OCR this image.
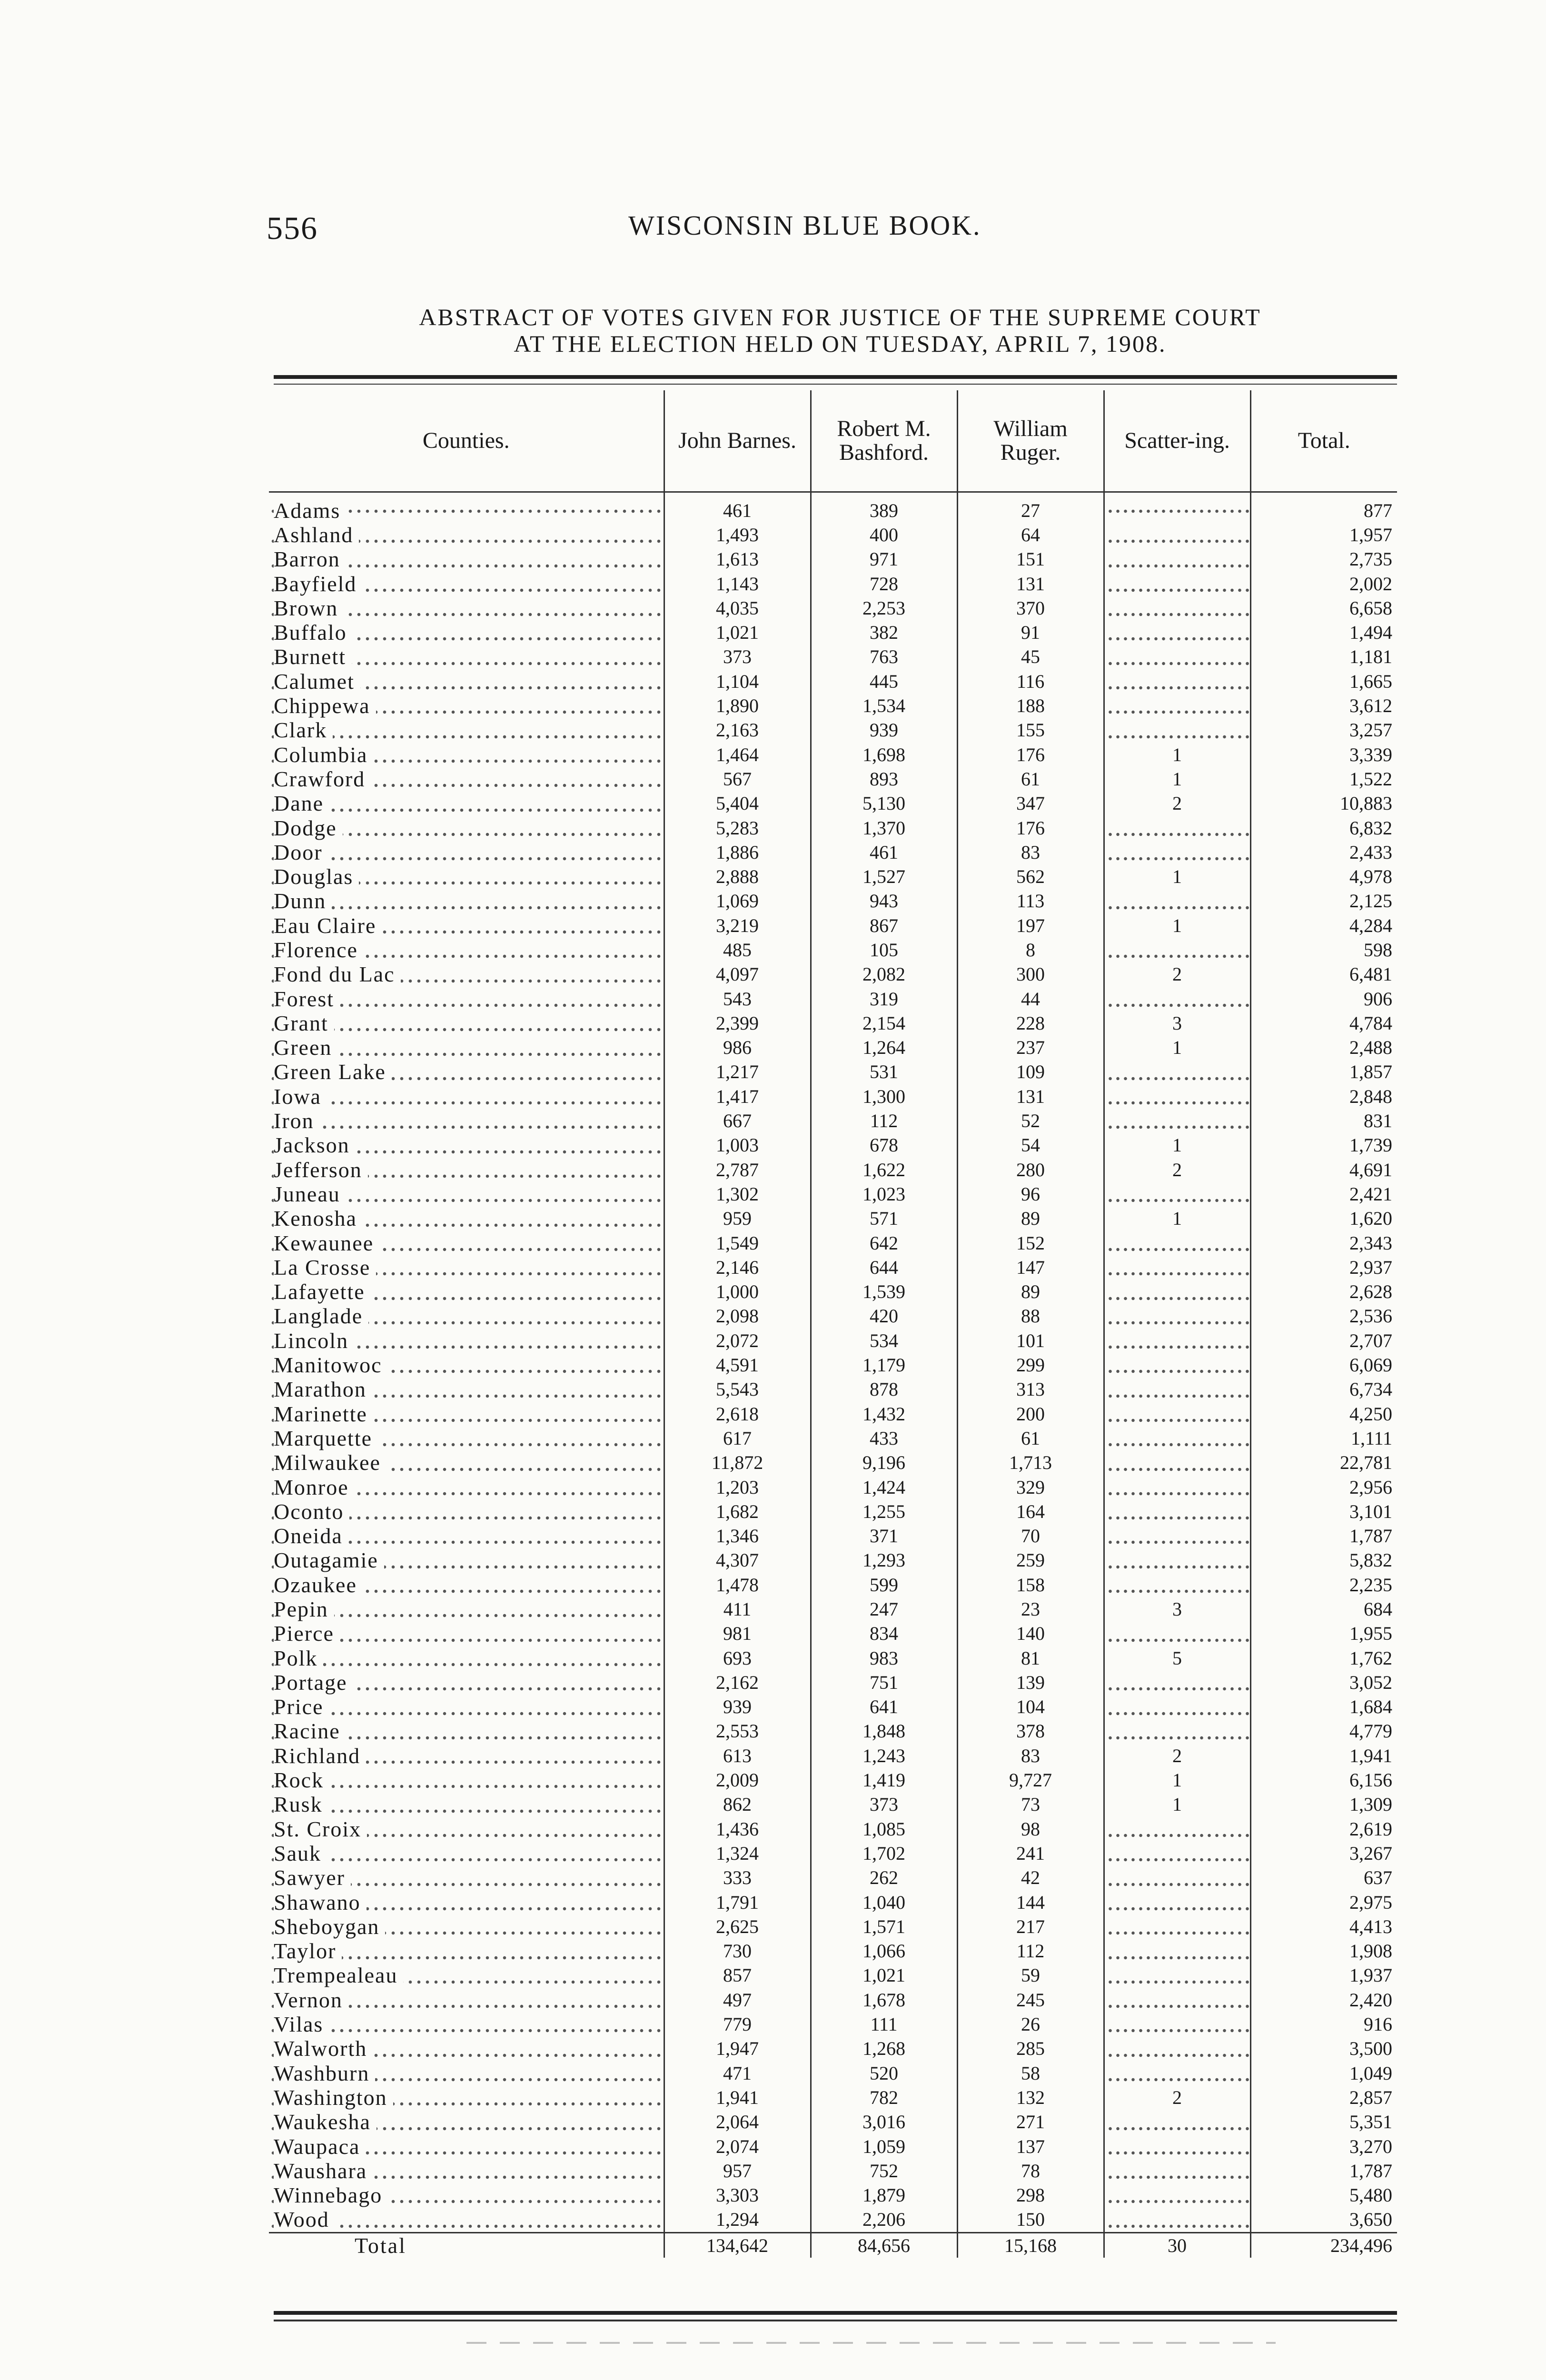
556	WISCONSIN BLUE BOOK.
ABSTRACT OF VOTES GIVEN FOR JUSTICE OF THE SUPREME COURT
AT THE ELECTION HELD ON TUESDAY, APRIL 7, 1908.
Counties.	John Barnes.	Robert M. Bashford.	William Ruger.	Scatter-ing.	Total.
Adams	461	389	27		877
Ashland	1,493	400	64		1,957
Barron	1,613	971	151		2,735
Bayfield	1,143	728	131		2,002
Brown	4,035	2,253	370		6,658
Buffalo	1,021	382	91		1,494
Burnett	373	763	45		1,181
Calumet	1,104	445	116		1,665
Chippewa	1,890	1,534	188		3,612
Clark	2,163	939	155		3,257
Columbia	1,464	1,698	176	1	3,339
Crawford	567	893	61	1	1,522
Dane	5,404	5,130	347	2	10,883
Dodge	5,283	1,370	176		6,832
Door	1,886	461	83		2,433
Douglas	2,888	1,527	562	1	4,978
Dunn	1,069	943	113		2,125
Eau Claire	3,219	867	197	1	4,284
Florence	485	105	8		598
Fond du Lac	4,097	2,082	300	2	6,481
Forest	543	319	44		906
Grant	2,399	2,154	228	3	4,784
Green	986	1,264	237	1	2,488
Green Lake	1,217	531	109		1,857
Iowa	1,417	1,300	131		2,848
Iron	667	112	52		831
Jackson	1,003	678	54	1	1,739
Jefferson	2,787	1,622	280	2	4,691
Juneau	1,302	1,023	96		2,421
Kenosha	959	571	89	1	1,620
Kewaunee	1,549	642	152		2,343
La Crosse	2,146	644	147		2,937
Lafayette	1,000	1,539	89		2,628
Langlade	2,098	420	88		2,536
Lincoln	2,072	534	101		2,707
Manitowoc	4,591	1,179	299		6,069
Marathon	5,543	878	313		6,734
Marinette	2,618	1,432	200		4,250
Marquette	617	433	61		1,111
Milwaukee	11,872	9,196	1,713		22,781
Monroe	1,203	1,424	329		2,956
Oconto	1,682	1,255	164		3,101
Oneida	1,346	371	70		1,787
Outagamie	4,307	1,293	259		5,832
Ozaukee	1,478	599	158		2,235
Pepin	411	247	23	3	684
Pierce	981	834	140		1,955
Polk	693	983	81	5	1,762
Portage	2,162	751	139		3,052
Price	939	641	104		1,684
Racine	2,553	1,848	378		4,779
Richland	613	1,243	83	2	1,941
Rock	2,009	1,419	9,727	1	6,156
Rusk	862	373	73	1	1,309
St. Croix	1,436	1,085	98		2,619
Sauk	1,324	1,702	241		3,267
Sawyer	333	262	42		637
Shawano	1,791	1,040	144		2,975
Sheboygan	2,625	1,571	217		4,413
Taylor	730	1,066	112		1,908
Trempealeau	857	1,021	59		1,937
Vernon	497	1,678	245		2,420
Vilas	779	111	26		916
Walworth	1,947	1,268	285		3,500
Washburn	471	520	58		1,049
Washington	1,941	782	132	2	2,857
Waukesha	2,064	3,016	271		5,351
Waupaca	2,074	1,059	137		3,270
Waushara	957	752	78		1,787
Winnebago	3,303	1,879	298		5,480
Wood	1,294	2,206	150		3,650
Total	134,642	84,656	15,168	30	234,496
